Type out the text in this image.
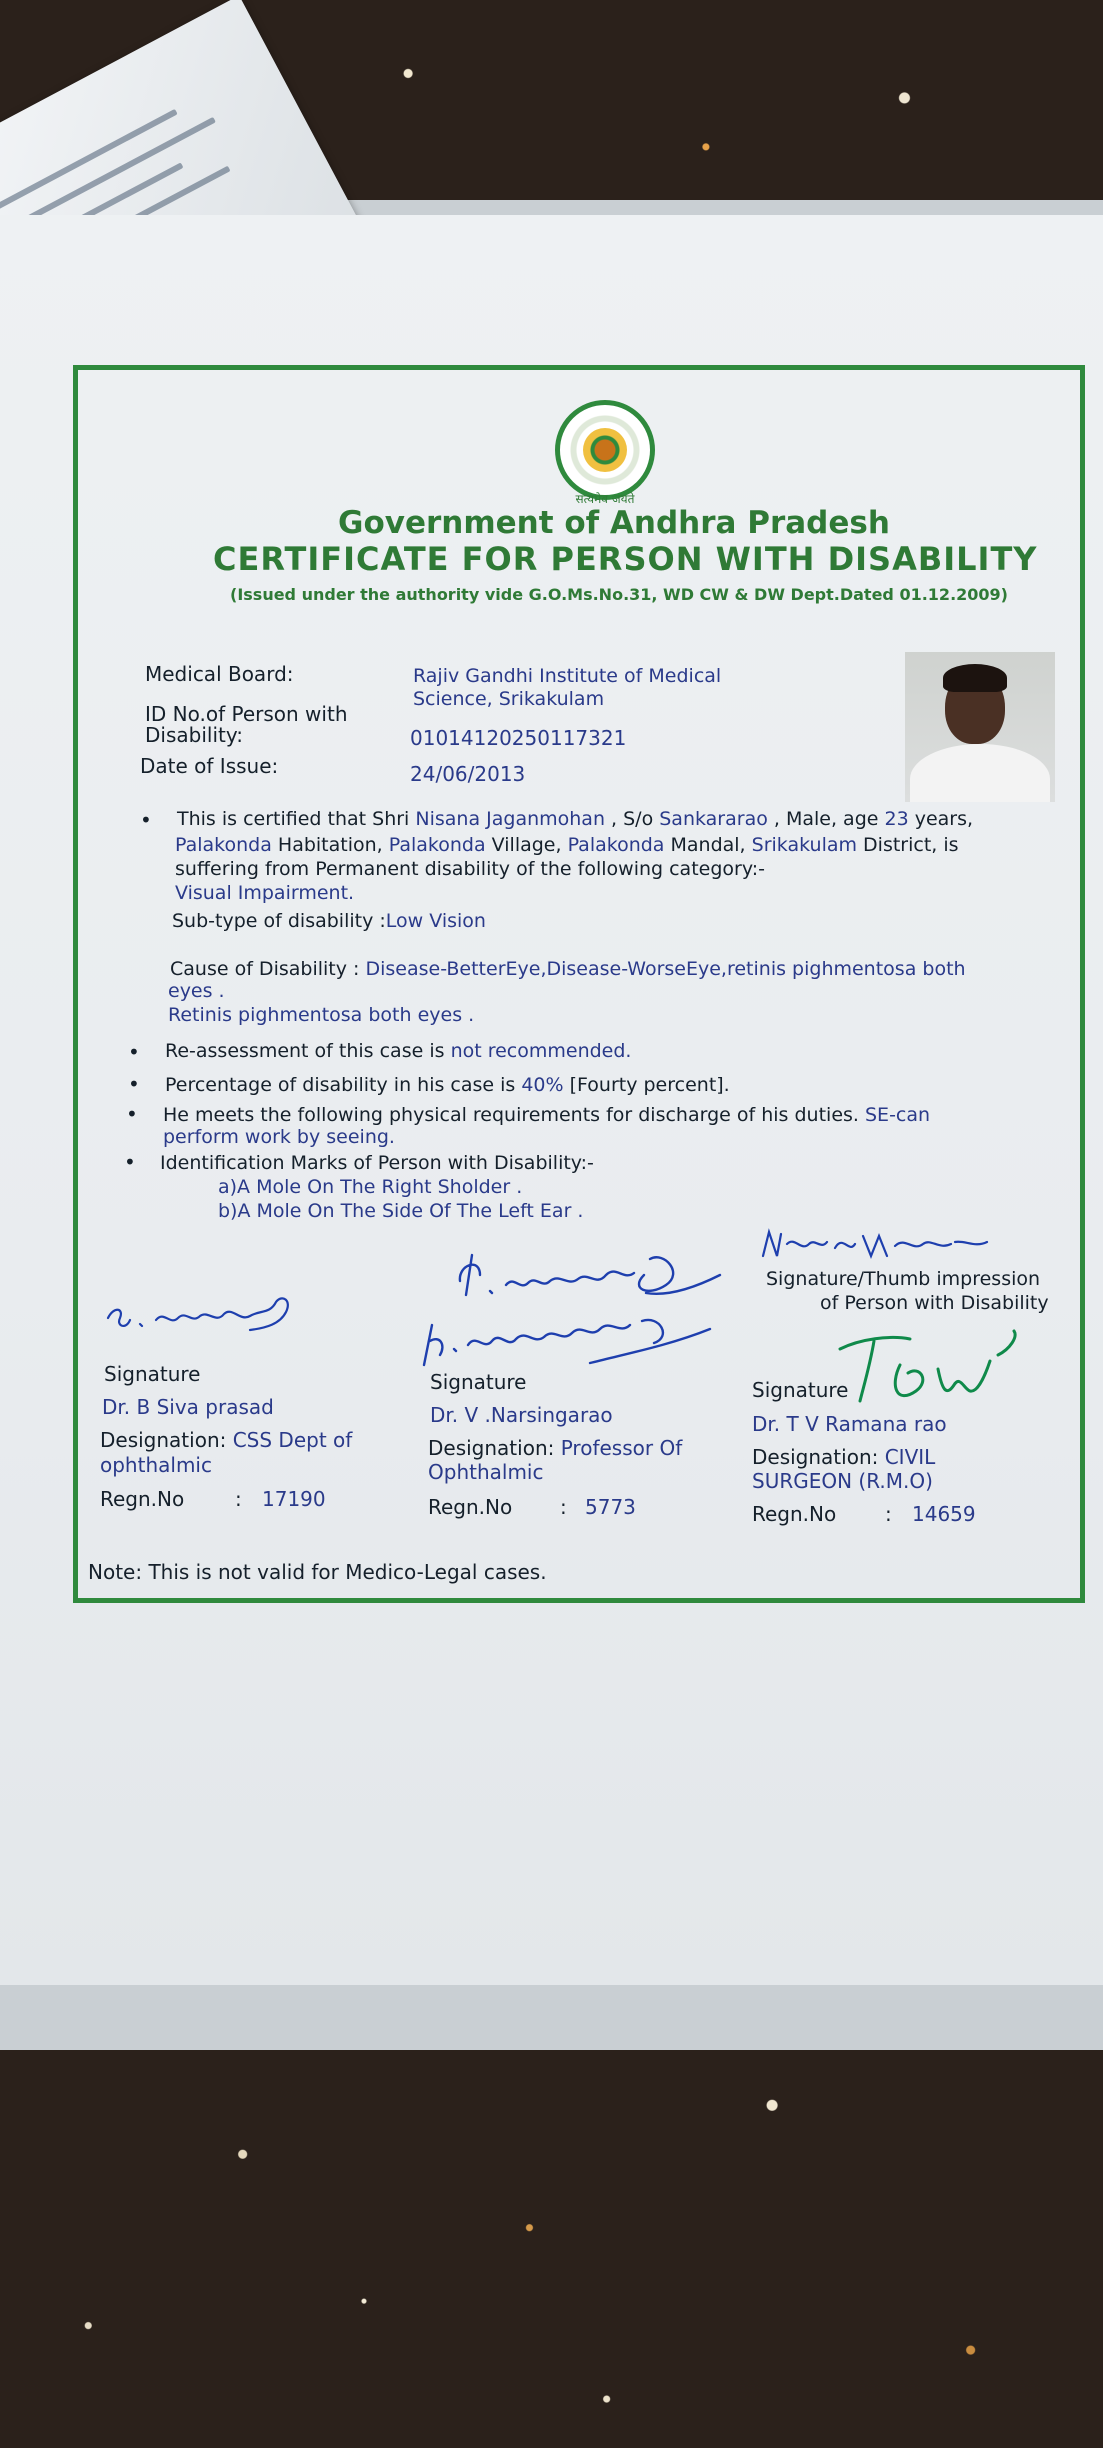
सत्यमेव जयते
Government of Andhra Pradesh
CERTIFICATE FOR PERSON WITH DISABILITY
(Issued under the authority vide G.O.Ms.No.31, WD CW & DW Dept.Dated 01.12.2009)
Medical Board:	Rajiv Gandhi Institute of Medical
Science, Srikakulam
ID No.of Person with
Disability:	01014120250117321
Date of Issue:	24/06/2013
• This is certified that Shri Nisana Jaganmohan , S/o Sankararao , Male, age 23 years,
Palakonda Habitation, Palakonda Village, Palakonda Mandal, Srikakulam District, is
suffering from Permanent disability of the following category:-
Visual Impairment.
Sub-type of disability :Low Vision
Cause of Disability : Disease-BetterEye,Disease-WorseEye,retinis pighmentosa both
eyes .
Retinis pighmentosa both eyes .
• Re-assessment of this case is not recommended.
• Percentage of disability in his case is 40% [Fourty percent].
• He meets the following physical requirements for discharge of his duties. SE-can
perform work by seeing.
• Identification Marks of Person with Disability:-
a)A Mole On The Right Sholder .
b)A Mole On The Side Of The Left Ear .
Signature/Thumb impression
of Person with Disability
Signature
Dr. B Siva prasad
Designation: CSS Dept of
ophthalmic
Regn.No	: 17190
Signature
Dr. V .Narsingarao
Designation: Professor Of
Ophthalmic
Regn.No : 5773
Signature
Dr. T V Ramana rao
Designation: CIVIL
SURGEON (R.M.O)
Regn.No : 14659
Note: This is not valid for Medico-Legal cases.
